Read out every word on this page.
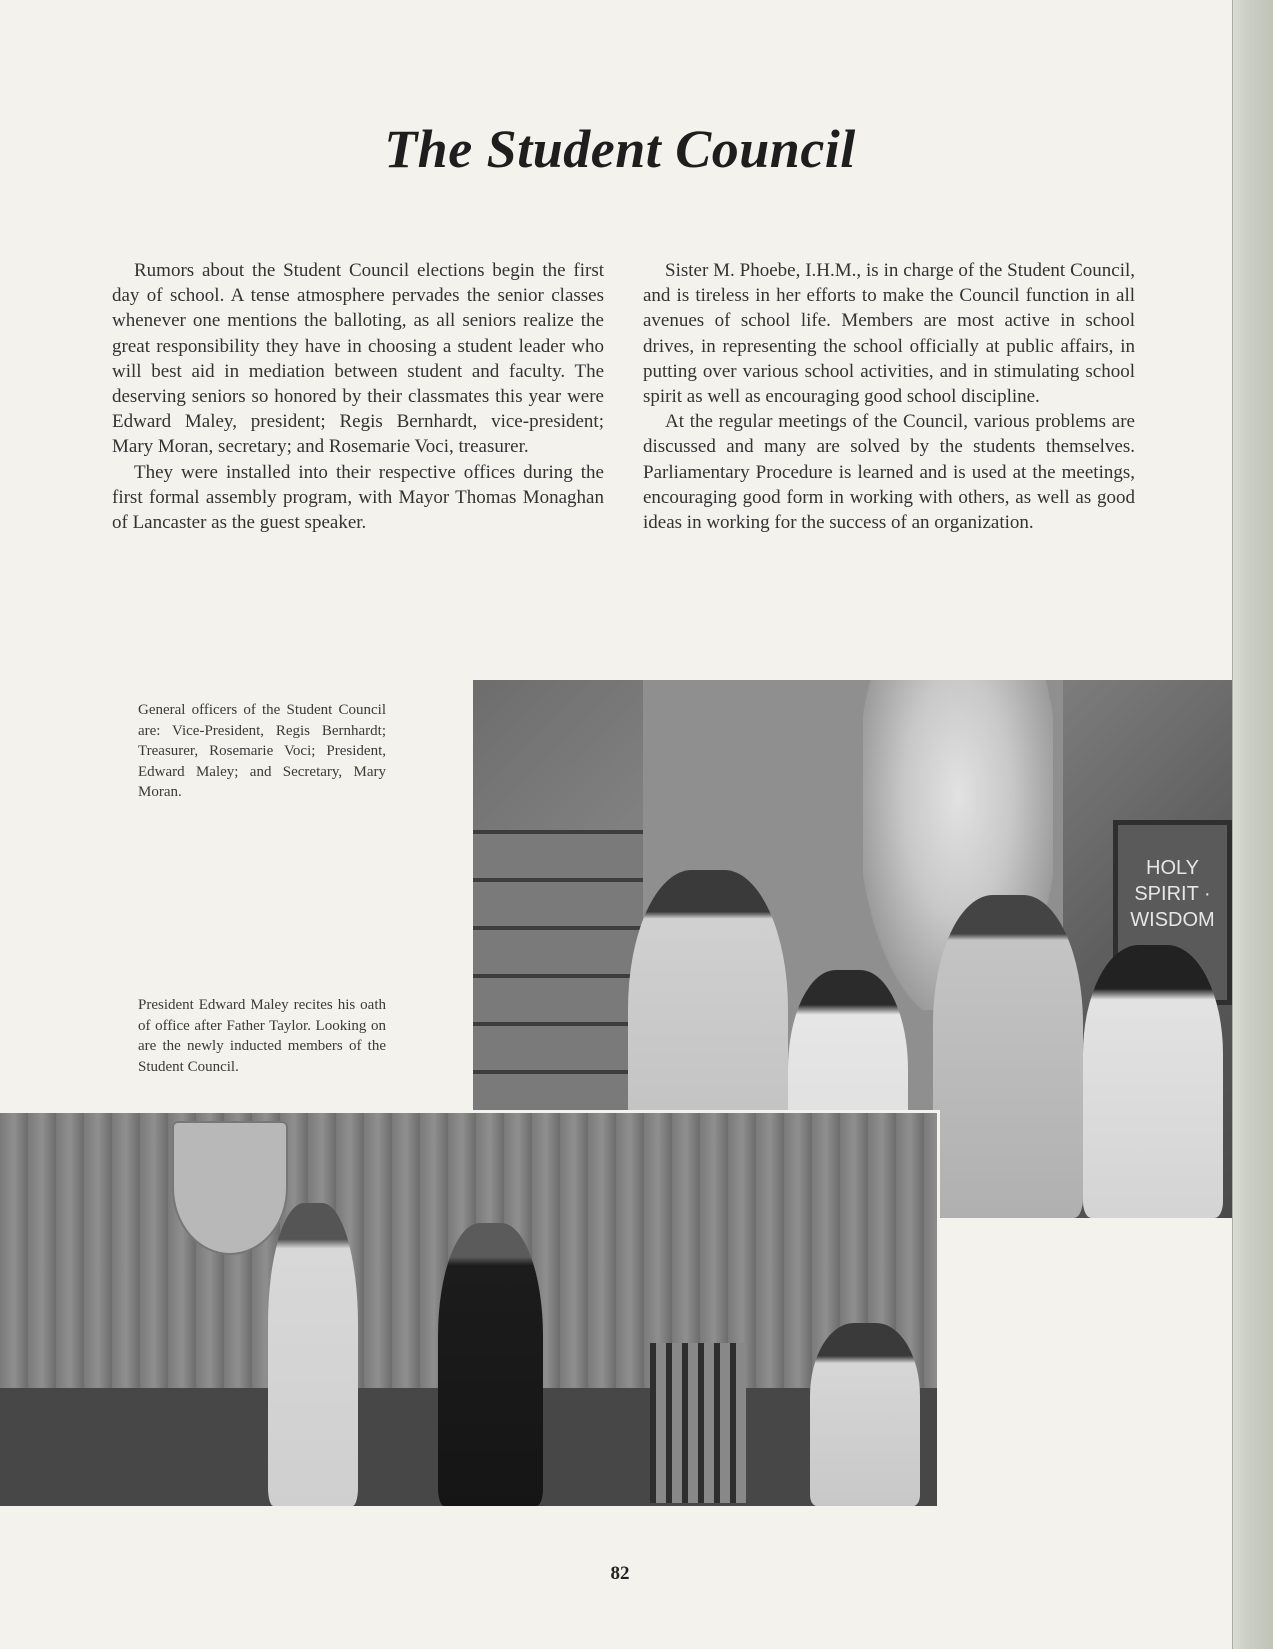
The Student Council

Rumors about the Student Council elections begin the first day of school. A tense atmosphere pervades the senior classes whenever one mentions the balloting, as all seniors realize the great responsibility they have in choosing a student leader who will best aid in mediation between student and faculty. The deserving seniors so honored by their classmates this year were Edward Maley, president; Regis Bernhardt, vice-president; Mary Moran, secretary; and Rosemarie Voci, treasurer.

They were installed into their respective offices during the first formal assembly program, with Mayor Thomas Monaghan of Lancaster as the guest speaker.

Sister M. Phoebe, I.H.M., is in charge of the Student Council, and is tireless in her efforts to make the Council function in all avenues of school life. Members are most active in school drives, in representing the school officially at public affairs, in putting over various school activities, and in stimulating school spirit as well as encouraging good school discipline.

At the regular meetings of the Council, various problems are discussed and many are solved by the students themselves. Parliamentary Procedure is learned and is used at the meetings, encouraging good form in working with others, as well as good ideas in working for the success of an organization.

General officers of the Student Council are: Vice-President, Regis Bernhardt; Treasurer, Rosemarie Voci; President, Edward Maley; and Secretary, Mary Moran.

President Edward Maley recites his oath of office after Father Taylor. Looking on are the newly inducted members of the Student Council.

HOLY SPIRIT · WISDOM

82
